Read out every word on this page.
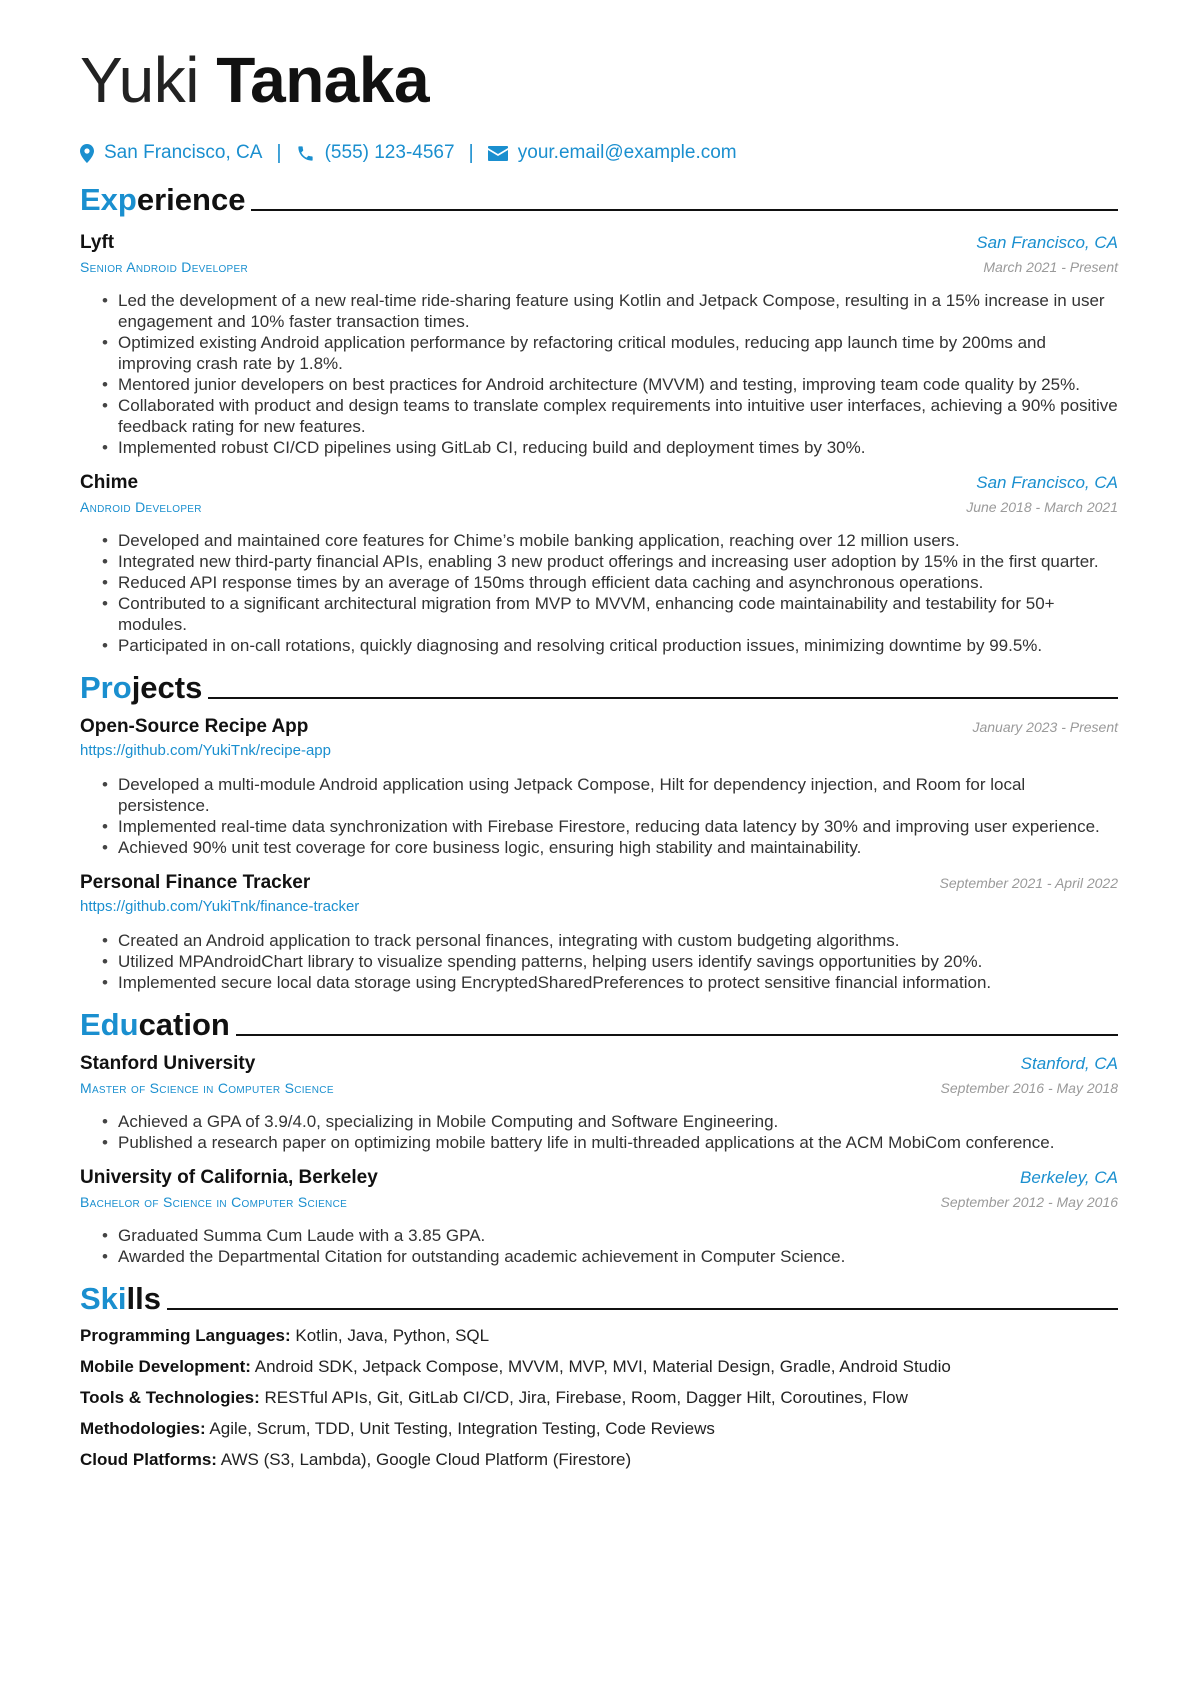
Yuki Tanaka
San Francisco, CA | (555) 123-4567 | your.email@example.com
Experience
Lyft	San Francisco, CA
Senior Android Developer	March 2021 - Present
• Led the development of a new real-time ride-sharing feature using Kotlin and Jetpack Compose, resulting in a 15% increase in user engagement and 10% faster transaction times.
• Optimized existing Android application performance by refactoring critical modules, reducing app launch time by 200ms and improving crash rate by 1.8%.
• Mentored junior developers on best practices for Android architecture (MVVM) and testing, improving team code quality by 25%.
• Collaborated with product and design teams to translate complex requirements into intuitive user interfaces, achieving a 90% positive feedback rating for new features.
• Implemented robust CI/CD pipelines using GitLab CI, reducing build and deployment times by 30%.
Chime	San Francisco, CA
Android Developer	June 2018 - March 2021
• Developed and maintained core features for Chime’s mobile banking application, reaching over 12 million users.
• Integrated new third-party financial APIs, enabling 3 new product offerings and increasing user adoption by 15% in the first quarter.
• Reduced API response times by an average of 150ms through efficient data caching and asynchronous operations.
• Contributed to a significant architectural migration from MVP to MVVM, enhancing code maintainability and testability for 50+ modules.
• Participated in on-call rotations, quickly diagnosing and resolving critical production issues, minimizing downtime by 99.5%.
Projects
Open-Source Recipe App	January 2023 - Present
https://github.com/YukiTnk/recipe-app
• Developed a multi-module Android application using Jetpack Compose, Hilt for dependency injection, and Room for local persistence.
• Implemented real-time data synchronization with Firebase Firestore, reducing data latency by 30% and improving user experience.
• Achieved 90% unit test coverage for core business logic, ensuring high stability and maintainability.
Personal Finance Tracker	September 2021 - April 2022
https://github.com/YukiTnk/finance-tracker
• Created an Android application to track personal finances, integrating with custom budgeting algorithms.
• Utilized MPAndroidChart library to visualize spending patterns, helping users identify savings opportunities by 20%.
• Implemented secure local data storage using EncryptedSharedPreferences to protect sensitive financial information.
Education
Stanford University	Stanford, CA
Master of Science in Computer Science	September 2016 - May 2018
• Achieved a GPA of 3.9/4.0, specializing in Mobile Computing and Software Engineering.
• Published a research paper on optimizing mobile battery life in multi-threaded applications at the ACM MobiCom conference.
University of California, Berkeley	Berkeley, CA
Bachelor of Science in Computer Science	September 2012 - May 2016
• Graduated Summa Cum Laude with a 3.85 GPA.
• Awarded the Departmental Citation for outstanding academic achievement in Computer Science.
Skills
Programming Languages: Kotlin, Java, Python, SQL
Mobile Development: Android SDK, Jetpack Compose, MVVM, MVP, MVI, Material Design, Gradle, Android Studio
Tools & Technologies: RESTful APIs, Git, GitLab CI/CD, Jira, Firebase, Room, Dagger Hilt, Coroutines, Flow
Methodologies: Agile, Scrum, TDD, Unit Testing, Integration Testing, Code Reviews
Cloud Platforms: AWS (S3, Lambda), Google Cloud Platform (Firestore)
